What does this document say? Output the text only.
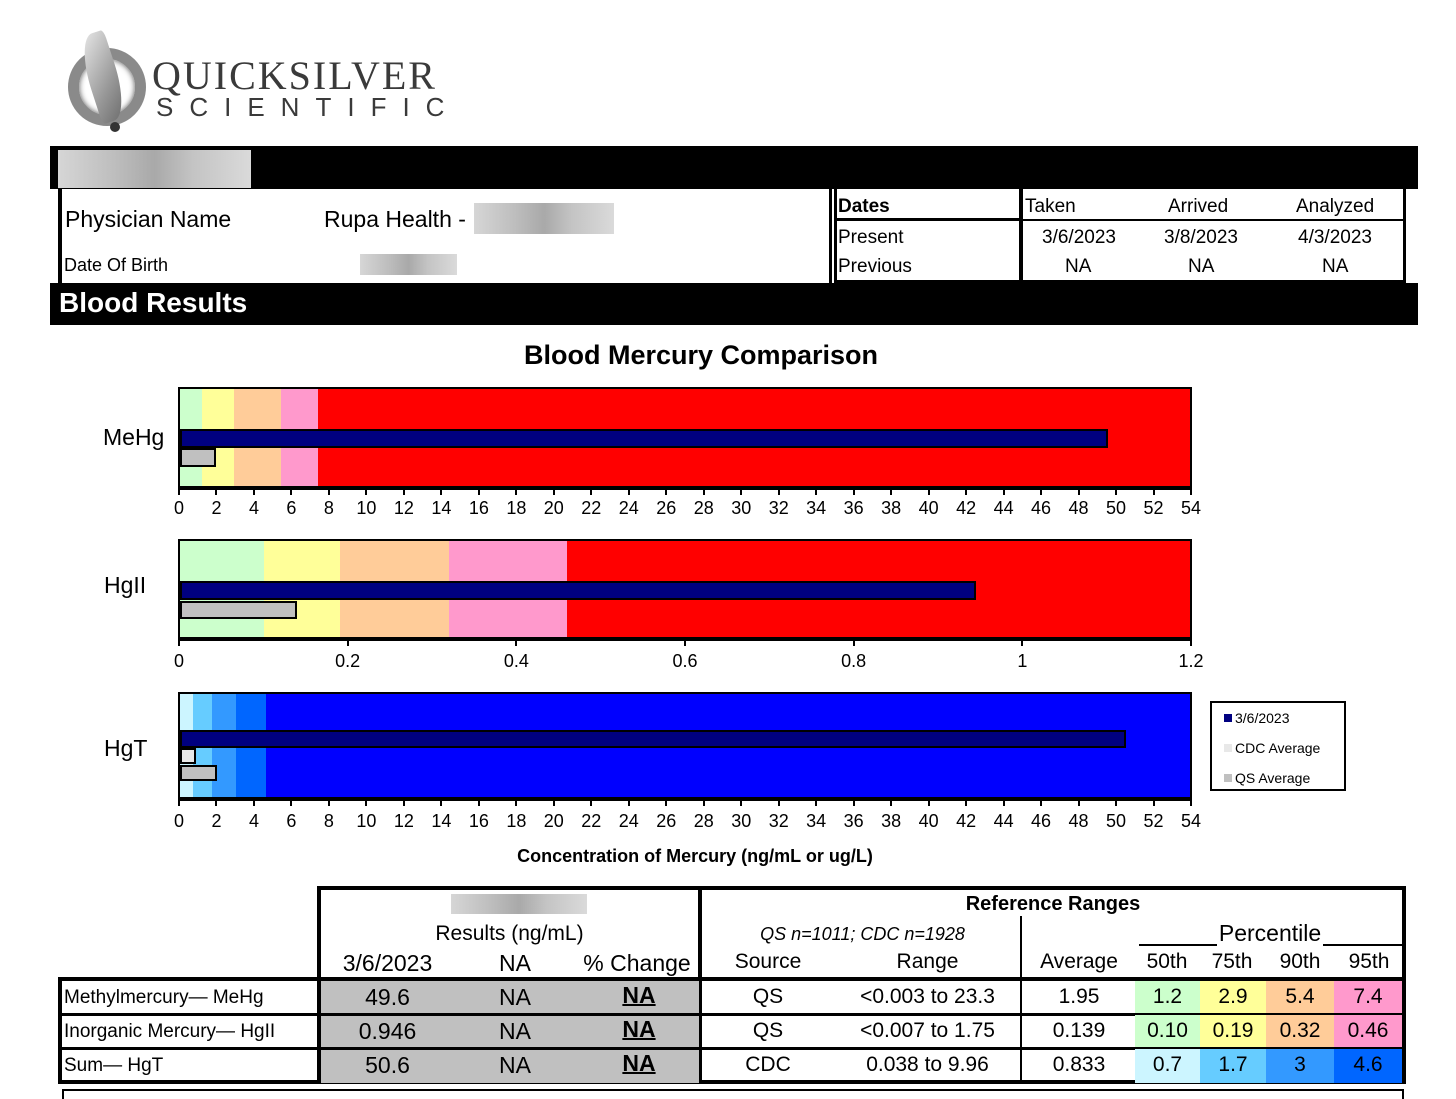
QUICKSILVER
SCIENTIFIC
Physician Name	Rupa Health -
Date Of Birth
Dates	Taken	Arrived	Analyzed
Present	3/6/2023	3/8/2023	4/3/2023
Previous	NA	NA	NA
Blood Results
Blood Mercury Comparison
MeHg
0	2	4	6	8	10 12 14 16 18 20 22 24 26 28 30 32 34 36 38 40 42 44 46 48 50 52 54
HgII
0	0.2	0.4	0.6	0.8	1	1.2
HgT
0	2	4	6	8	10 12 14 16 18 20 22 24 26 28 30 32 34 36 38 40 42 44 46 48 50 52 54
Concentration of Mercury (ng/mL or ug/L)
3/6/2023
CDC Average
QS Average
Results (ng/mL)
3/6/2023	NA	% Change
Reference Ranges
QS n=1011; CDC n=1928
Source	Range	Average
Percentile
50th	75th	90th	95th
Methylmercury— MeHg	49.6	NA	NA	QS	<0.003 to 23.3	1.95	1.2	2.9	5.4	7.4
Inorganic Mercury— HgII	0.946	NA	NA	QS	<0.007 to 1.75	0.139	0.10	0.19	0.32	0.46
Sum— HgT	50.6	NA	NA	CDC	0.038 to 9.96	0.833	0.7	1.7	3	4.6
